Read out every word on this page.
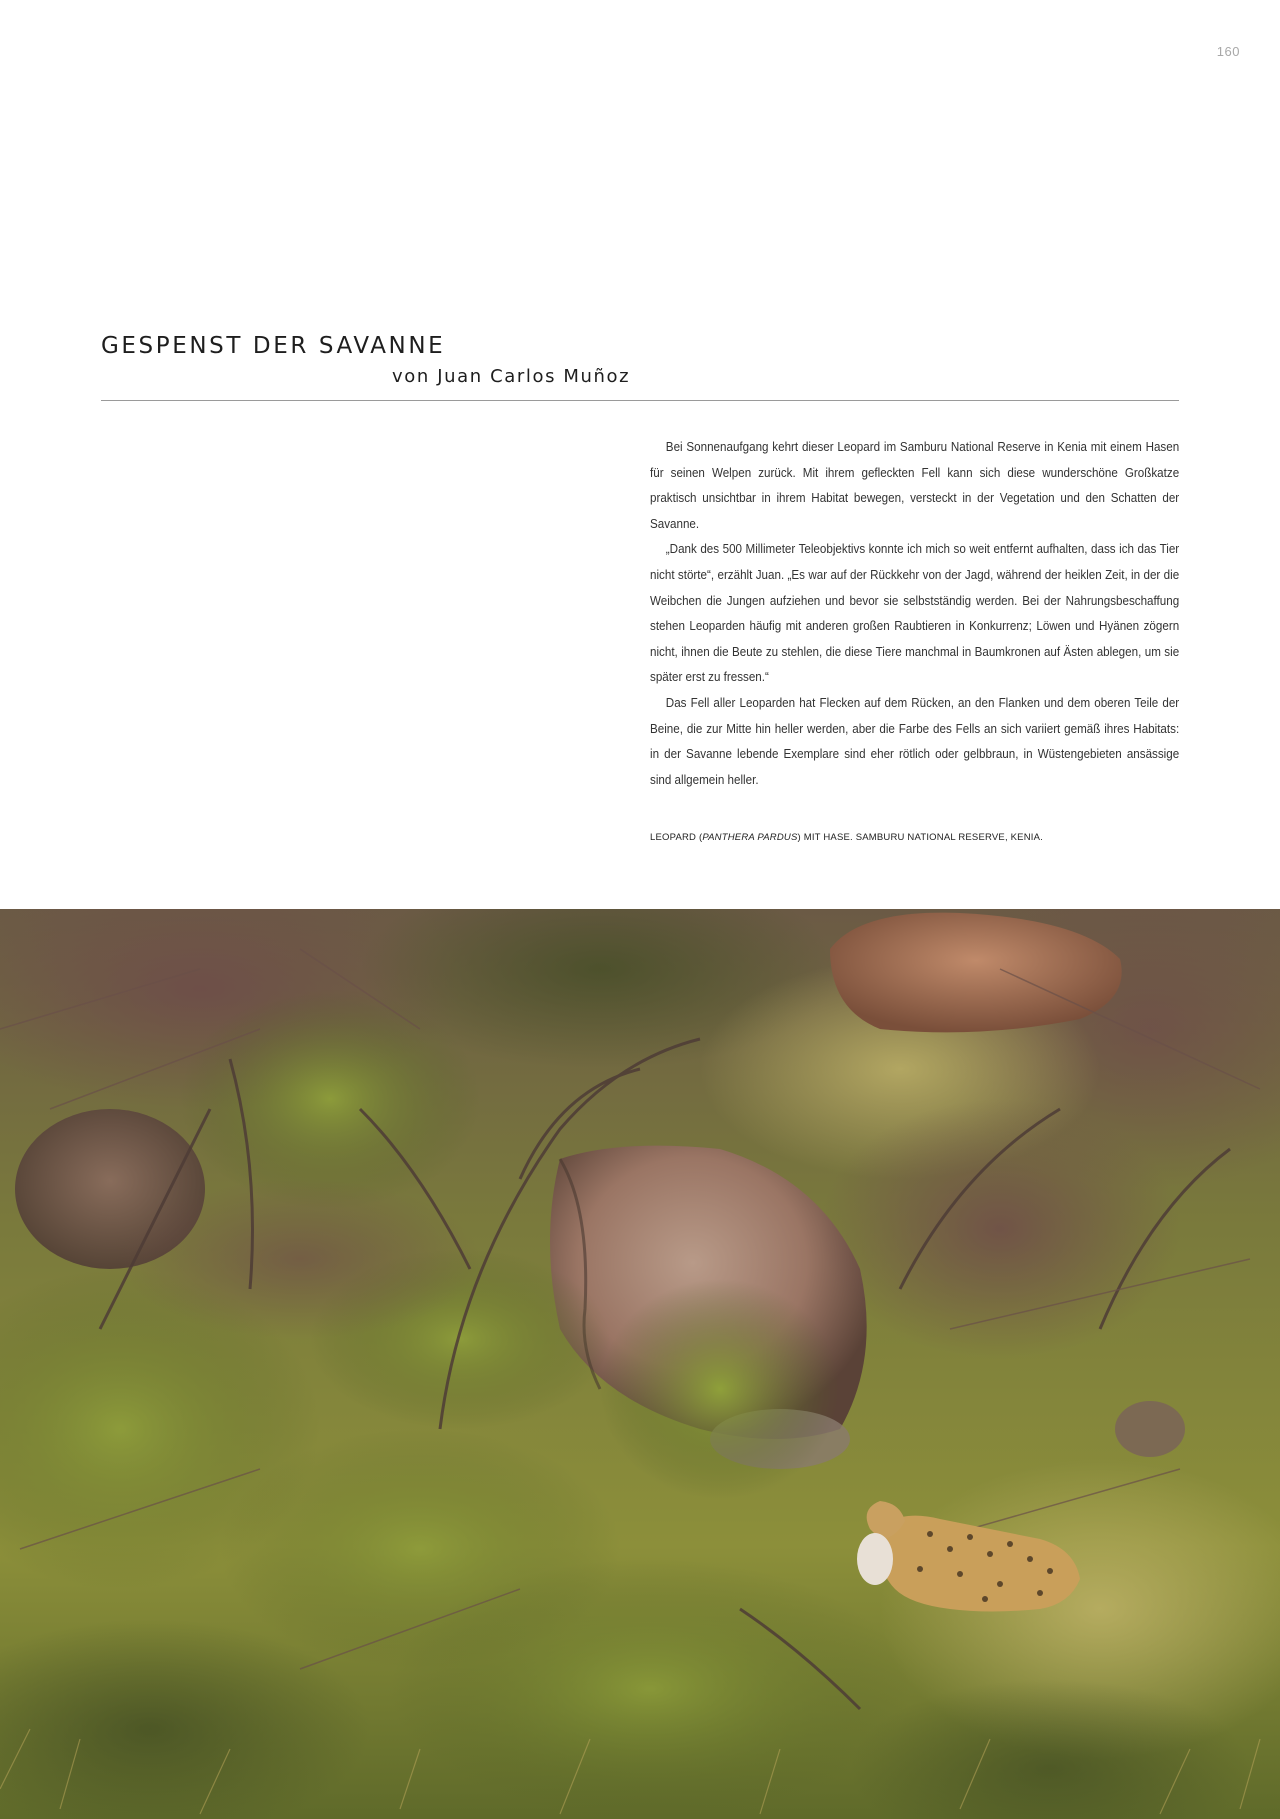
160
GESPENST DER SAVANNE
von Juan Carlos Muñoz

Bei Sonnenaufgang kehrt dieser Leopard im Samburu National Reserve in Kenia mit einem Hasen für seinen Welpen zurück. Mit ihrem gefleckten Fell kann sich diese wunderschöne Großkatze praktisch unsichtbar in ihrem Habitat bewegen, versteckt in der Vegetation und den Schatten der Savanne.

„Dank des 500 Millimeter Teleobjektivs konnte ich mich so weit entfernt aufhalten, dass ich das Tier nicht störte“, erzählt Juan. „Es war auf der Rückkehr von der Jagd, während der heiklen Zeit, in der die Weibchen die Jungen aufziehen und bevor sie selbstständig werden. Bei der Nahrungsbeschaffung stehen Leoparden häufig mit anderen großen Raubtieren in Konkurrenz; Löwen und Hyänen zögern nicht, ihnen die Beute zu stehlen, die diese Tiere manchmal in Baumkronen auf Ästen ablegen, um sie später erst zu fressen.“

Das Fell aller Leoparden hat Flecken auf dem Rücken, an den Flanken und dem oberen Teile der Beine, die zur Mitte hin heller werden, aber die Farbe des Fells an sich variiert gemäß ihres Habitats: in der Savanne lebende Exemplare sind eher rötlich oder gelbbraun, in Wüstengebieten ansässige sind allgemein heller.

LEOPARD (PANTHERA PARDUS) MIT HASE. SAMBURU NATIONAL RESERVE, KENIA.
